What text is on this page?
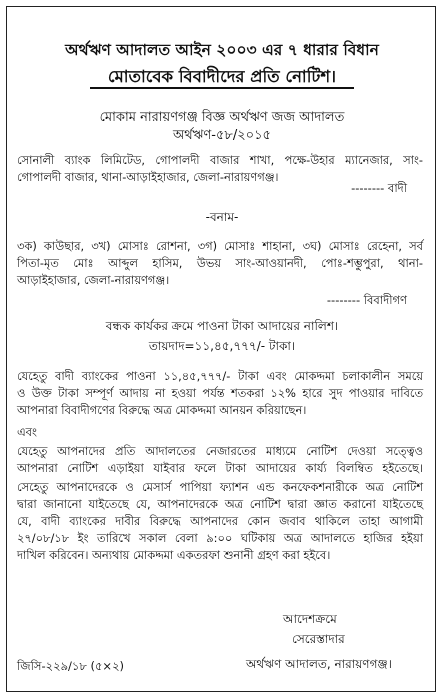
অর্থঋণ আদালত আইন ২০০৩ এর ৭ ধারার বিধান
মোতাবেক বিবাদীদের প্রতি নোটিশ।
মোকাম নারায়ণগঞ্জ বিজ্ঞ অর্থঋণ জজ আদালত
অর্থঋণ-৫৮/২০১৫
সোনালী ব্যাংক লিমিটেড, গোপালদী বাজার শাখা, পক্ষে-উহার ম্যানেজার, সাং-
গোপালদী বাজার, থানা-আড়াইহাজার, জেলা-নারায়ণগঞ্জ।
-------- বাদী
-বনাম-
৩ক) কাউছার, ৩খ) মোসাঃ রোশনা, ৩গ) মোসাঃ শাহানা, ৩ঘ) মোসাঃ রেহেনা, সর্ব
পিতা-মৃত মোঃ আব্দুল হাসিম, উভয় সাং-আওয়ানদী, পোঃ-শম্ভুপুরা, থানা-
আড়াইহাজার, জেলা-নারায়ণগঞ্জ।
-------- বিবাদীগণ
বন্ধক কার্যকর ক্রমে পাওনা টাকা আদায়ের নালিশ।
তায়দাদ=১১,৪৫,৭৭৭/- টাকা।
যেহেতু বাদী ব্যাংকের পাওনা ১১,৪৫,৭৭৭/- টাকা এবং মোকদ্দমা চলাকালীন সময়ে
ও উক্ত টাকা সম্পূর্ণ আদায় না হওয়া পর্যন্ত শতকরা ১২% হারে সুদ পাওয়ার দাবিতে
আপনারা বিবাদীগণের বিরুদ্ধে অত্র মোকদ্দমা আনয়ন করিয়াছেন।
এবং
যেহেতু আপনাদের প্রতি আদালতের নেজারতের মাধ্যমে নোটিশ দেওয়া সত্ত্বেও
আপনারা নোটিশ এড়াইয়া যাইবার ফলে টাকা আদায়ের কার্য্য বিলম্বিত হইতেছে।
সেহেতু আপনাদেরকে ও মেসার্স পাপিয়া ফ্যাশন এন্ড কনফেকশনারীকে অত্র নোটিশ
দ্বারা জানানো যাইতেছে যে, আপনাদেরকে অত্র নোটিশ দ্বারা জ্ঞাত করানো যাইতেছে
যে, বাদী ব্যাংকের দাবীর বিরুদ্ধে আপনাদের কোন জবাব থাকিলে তাহা আগামী
২৭/০৮/১৮ ইং তারিখে সকাল বেলা ৯:০০ ঘটিকায় অত্র আদালতে হাজির হইয়া
দাখিল করিবেন। অন্যথায় মোকদ্দমা একতরফা শুনানী গ্রহণ করা হইবে।
আদেশক্রমে
সেরেস্তাদার
অর্থঋণ আদালত, নারায়ণগঞ্জ।
জিসি-২২৯/১৮ (৫×২)
